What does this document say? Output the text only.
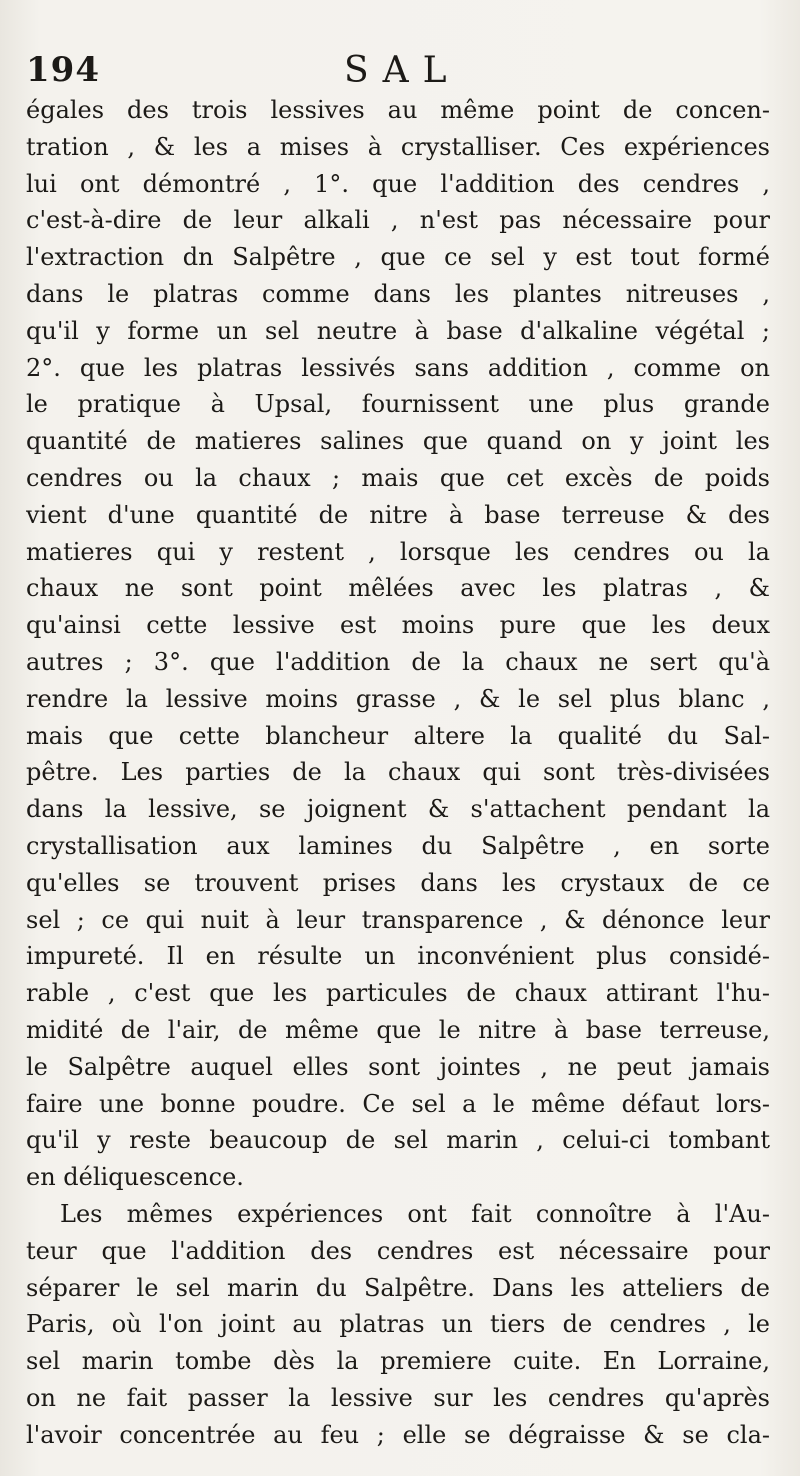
194	SAL
égales des trois lessives au même point de concen-
tration , & les a mises à crystalliser. Ces expériences
lui ont démontré , 1°. que l'addition des cendres ,
c'est-à-dire de leur alkali , n'est pas nécessaire pour
l'extraction dn Salpêtre , que ce sel y est tout formé
dans le platras comme dans les plantes nitreuses ,
qu'il y forme un sel neutre à base d'alkaline végétal ;
2°. que les platras lessivés sans addition , comme on
le pratique à Upsal, fournissent une plus grande
quantité de matieres salines que quand on y joint les
cendres ou la chaux ; mais que cet excès de poids
vient d'une quantité de nitre à base terreuse & des
matieres qui y restent , lorsque les cendres ou la
chaux ne sont point mêlées avec les platras , &
qu'ainsi cette lessive est moins pure que les deux
autres ; 3°. que l'addition de la chaux ne sert qu'à
rendre la lessive moins grasse , & le sel plus blanc ,
mais que cette blancheur altere la qualité du Sal-
pêtre. Les parties de la chaux qui sont très-divisées
dans la lessive, se joignent & s'attachent pendant la
crystallisation aux lamines du Salpêtre , en sorte
qu'elles se trouvent prises dans les crystaux de ce
sel ; ce qui nuit à leur transparence , & dénonce leur
impureté. Il en résulte un inconvénient plus considé-
rable , c'est que les particules de chaux attirant l'hu-
midité de l'air, de même que le nitre à base terreuse,
le Salpêtre auquel elles sont jointes , ne peut jamais
faire une bonne poudre. Ce sel a le même défaut lors-
qu'il y reste beaucoup de sel marin , celui-ci tombant
en déliquescence.
Les mêmes expériences ont fait connoître à l'Au-
teur que l'addition des cendres est nécessaire pour
séparer le sel marin du Salpêtre. Dans les atteliers de
Paris, où l'on joint au platras un tiers de cendres , le
sel marin tombe dès la premiere cuite. En Lorraine,
on ne fait passer la lessive sur les cendres qu'après
l'avoir concentrée au feu ; elle se dégraisse & se cla-
